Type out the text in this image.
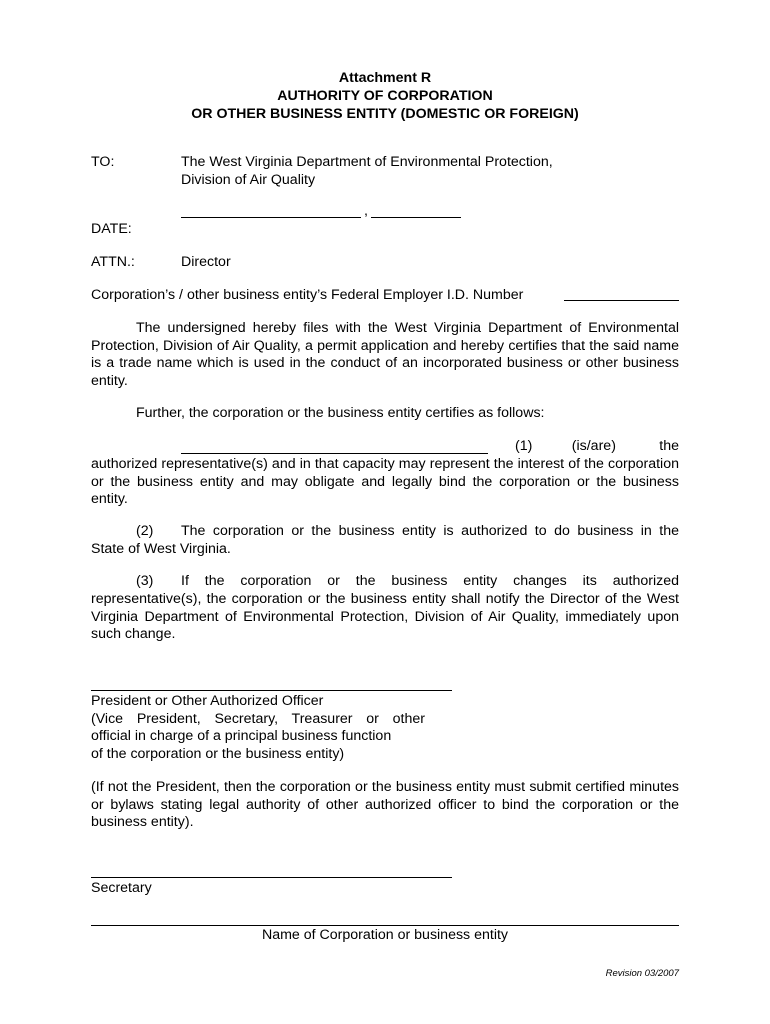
Attachment R
AUTHORITY OF CORPORATION
OR OTHER BUSINESS ENTITY (DOMESTIC OR FOREIGN)
TO:	The West Virginia Department of Environmental Protection,
Division of Air Quality
,
DATE:
ATTN.:	Director
Corporation’s / other business entity’s Federal Employer I.D. Number
The undersigned hereby files with the West Virginia Department of Environmental Protection, Division of Air Quality, a permit application and hereby certifies that the said name is a trade name which is used in the conduct of an incorporated business or other business entity.
Further, the corporation or the business entity certifies as follows:
(1)          (is/are)           the
authorized representative(s) and in that capacity may represent the interest of the corporation or the business entity and may obligate and legally bind the corporation or the business entity.
(2) The corporation or the business entity is authorized to do business in the
State of West Virginia.
(3) If the corporation or the business entity changes its authorized
representative(s), the corporation or the business entity shall notify the Director of the West Virginia Department of Environmental Protection, Division of Air Quality, immediately upon such change.
President or Other Authorized Officer
(Vice President, Secretary, Treasurer or other
official in charge of a principal business function
of the corporation or the business entity)
(If not the President, then the corporation or the business entity must submit certified minutes or bylaws stating legal authority of other authorized officer to bind the corporation or the business entity).
Secretary
Name of Corporation or business entity
Revision 03/2007
